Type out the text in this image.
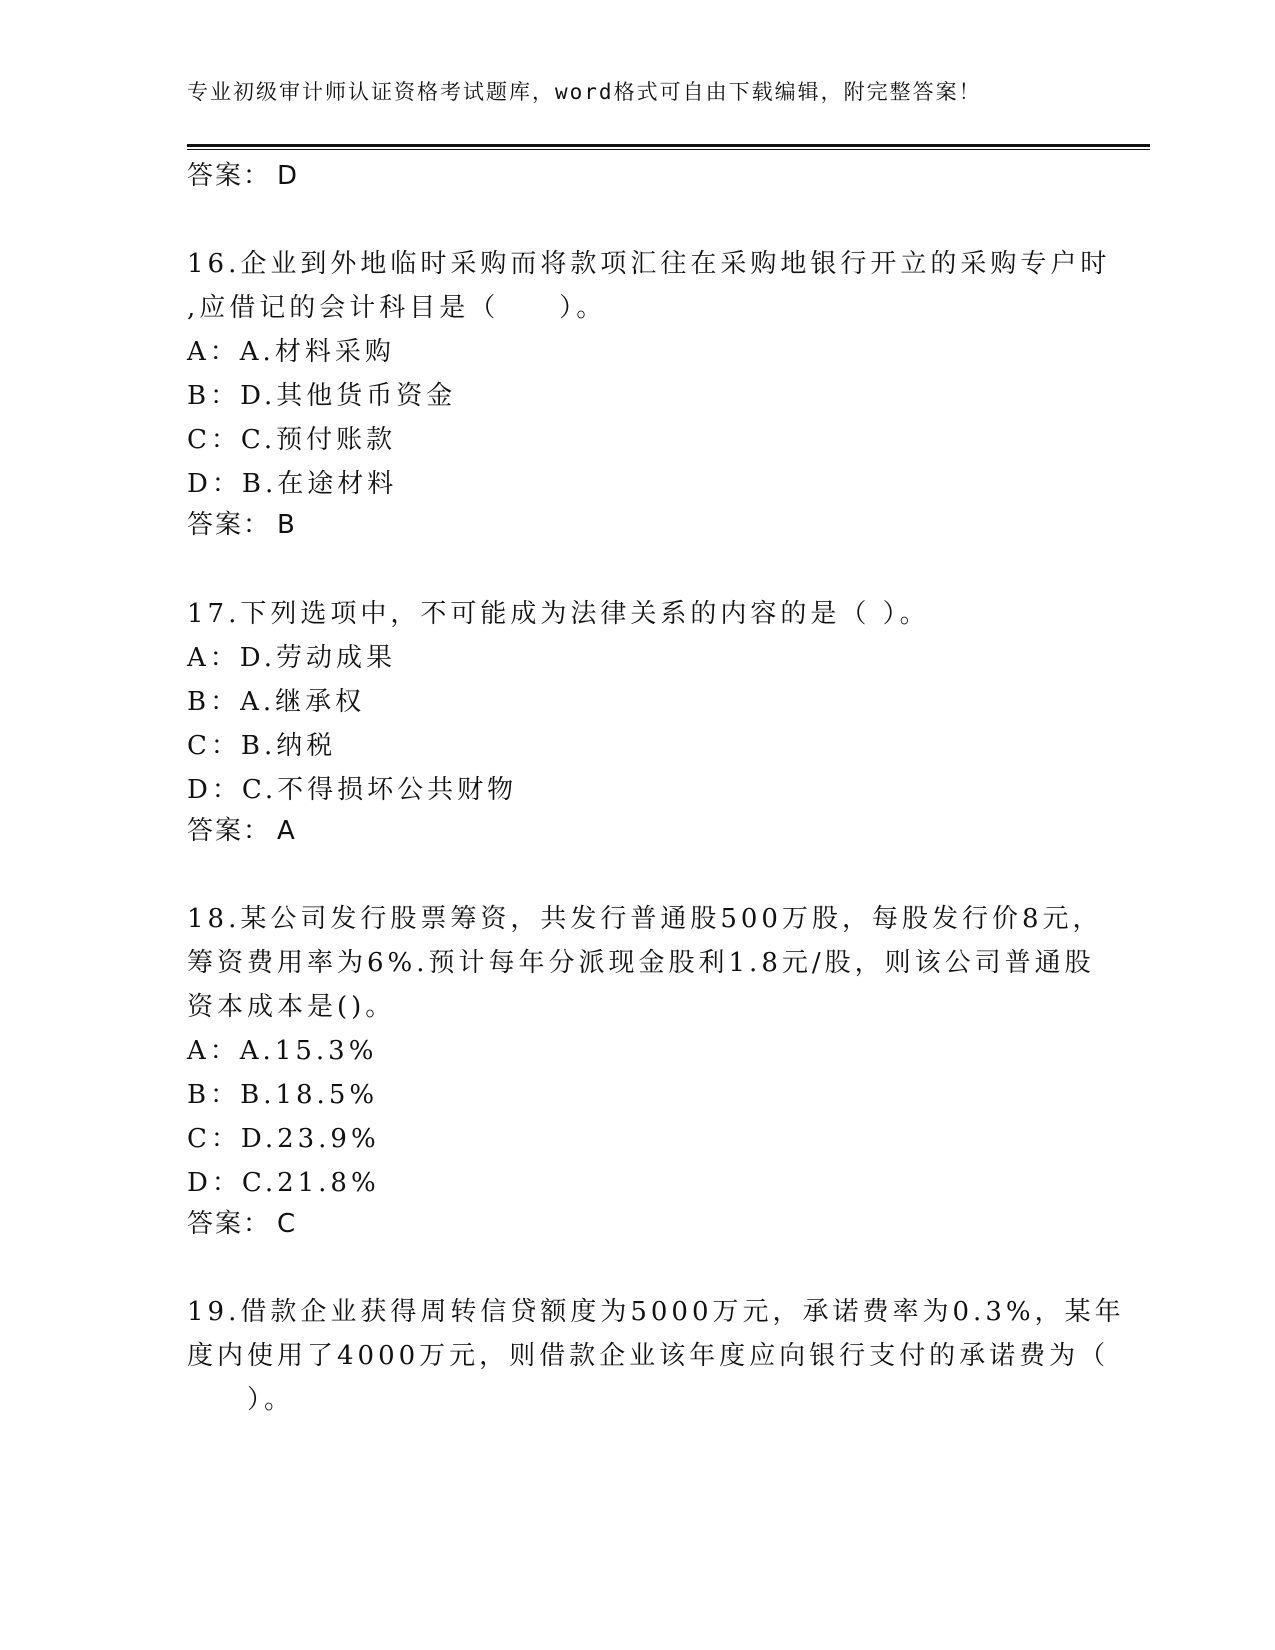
专业初级审计师认证资格考试题库，word格式可自由下载编辑，附完整答案！
答案： D
16.企业到外地临时采购而将款项汇往在采购地银行开立的采购专户时
,应借记的会计科目是（　　）。
A：A.材料采购
B：D.其他货币资金
C：C.预付账款
D：B.在途材料
答案： B
17.下列选项中，不可能成为法律关系的内容的是（ ）。
A：D.劳动成果
B：A.继承权
C：B.纳税
D：C.不得损坏公共财物
答案： A
18.某公司发行股票筹资，共发行普通股500万股，每股发行价8元，
筹资费用率为6%.预计每年分派现金股利1.8元/股，则该公司普通股
资本成本是()。
A：A.15.3%
B：B.18.5%
C：D.23.9%
D：C.21.8%
答案： C
19.借款企业获得周转信贷额度为5000万元，承诺费率为0.3%，某年
度内使用了4000万元，则借款企业该年度应向银行支付的承诺费为（
　　）。
